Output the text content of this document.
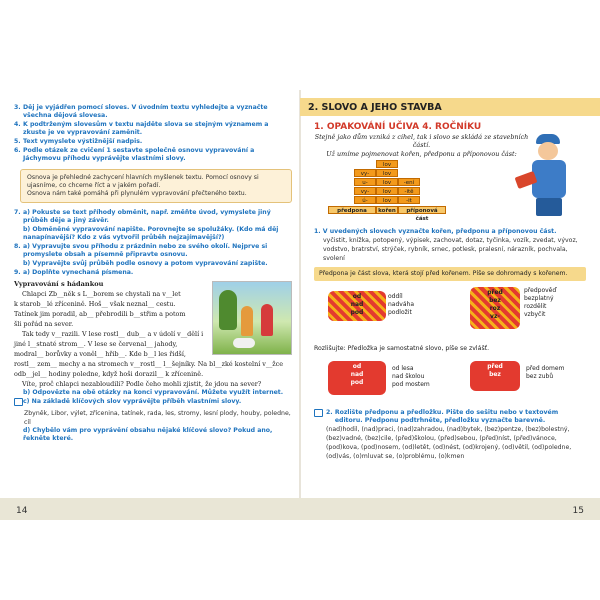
3. Děj je vyjádřen pomocí sloves. V úvodním textu vyhledejte a vyznačte všechna dějová slovesa.
4. K podtrženým slovesům v textu najděte slova se stejným významem a zkuste je ve vypravování zaměnit.
5. Text vymyslete výstižnější nadpis.
6. Podle otázek ze cvičení 1 sestavte společně osnovu vypravování a Jáchymovu příhodu vyprávějte vlastními slovy.
Osnova je přehledné zachycení hlavních myšlenek textu. Pomocí osnovy si ujasníme, co chceme říct a v jakém pořadí.
Osnova nám také pomáhá při plynulém vypravování přečteného textu.
7. a) Pokuste se text příhody obměnit, např. změňte úvod, vymyslete jiný průběh děje a jiný závěr.
b) Obměněné vypravování napište. Porovnejte se spolužáky. (Kdo má děj nanapínavější? Kdo z vás vytvořil průběh nejzajímavější?)
8. a) Vypravujte svou příhodu z prázdnin nebo ze svého okolí. Nejprve si promyslete obsah a písemně připravte osnovu.
b) Vypravějte svůj průběh podle osnovy a potom vypravování zapište.
9. a) Doplňte vynechaná písmena.
Vypravování s hádankou
Chlapci Zb__něk s L__borem se chystali na v__let
k starob__lé zřícenině. Hoš__ však neznal__ cestu.
Tatínek jim poradil, ab__ přebrodili b__střim a potom
šli pořád na sever.
Tak tedy v__razili. V lese rostl__ dub__ a v údolí v__dělí i jiné l__stnaté strom__. V lese se červenal__ jahody, modral__ borůvky a voněl__ hřib__. Kde b__l les řidší, rostl__ zem__ mechy a na stromech v__rostl__ l__šejníky. Na bl__zké kostelní v__žce odb__jel__ hodiny poledne, když hoši dorazil__ k zřícenině.
Víte, proč chlapci nezabloudili? Podle čeho mohli zjistit, že jdou na sever?
b) Odpovězte na obě otázky na konci vypravování. Můžete využít internet.
c) Na základě klíčových slov vyprávějte příběh vlastními slovy.
Zbyněk, Libor, výlet, zřícenina, tatínek, rada, les, stromy, lesní plody, houby, poledne, cíl
d) Chybělo vám pro vyprávění obsahu nějaké klíčové slovo? Pokud ano, řekněte které.
2. SLOVO A JEHO STAVBA
1. OPAKOVÁNÍ UČIVA 4. ROČNÍKU
Stejně jako dům vzniká z cihel, tak i slovo se skládá ze stavebních částí.
Už umíme pojmenovat kořen, předponu a příponovou část:
lov
vy-	lov
u-	lov	-ení
vy-	lov	-itě
ú-	lov	-it
předpona	kořen	příponová část
1. V uvedených slovech vyznačte kořen, předponu a příponovou část.
vyčistit, knížka, potopený, výpisek, zachovat, dotaz, tyčinka, vozík, zvedat, vývoz, vodstvo, bratrství, strýček, rybník, srnec, potlesk, pralesní, nárazník, pochvala, svolení
Předpona je část slova, která stojí před kořenem. Píše se dohromady s kořenem.
od
nad
pod
oddíl
nadváha
podložit
před
bez
roz
vz-
předpověď
bezplatný
rozdělit
vzbyčit
Rozlišujte: Předložka je samostatné slovo, píše se zvlášť.
od
nad
pod
od lesa
nad školou
pod mostem
před
bez
před domem
bez zubů
2.
Rozlište předponu a předložku. Pište do sešitu nebo v textovém editoru. Předponu podtrhněte, předložku vyznačte barevně.
(nad)hodil, (nad)praci, (nad)zahradou, (nad)bytek, (bez)pentze, (bez)bolestný, (bez)vadné, (bez)cile, (před)školou, (před)sebou, (před)níst, (před)vánoce, (pod)kova, (pod)nosem, (od)letět, (od)nést, (od)krojený, (od)větil, (od)poledne, (od)vás, (o)mluvat se, (o)problému, (o)kmen
14	15
